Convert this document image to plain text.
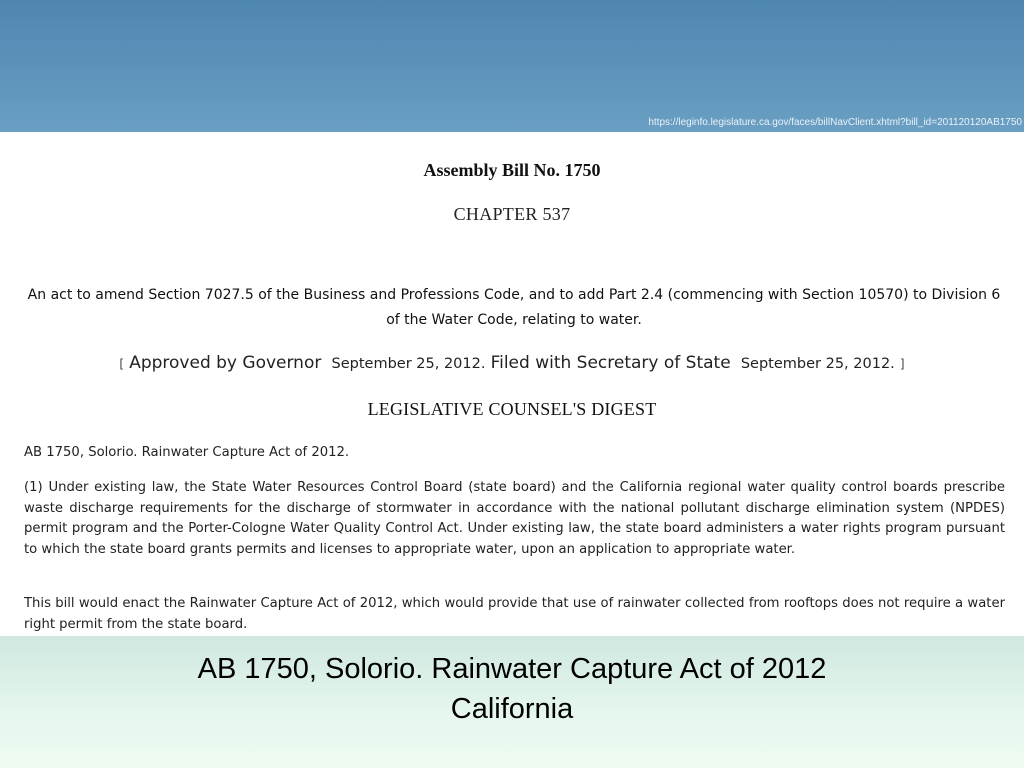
https://leginfo.legislature.ca.gov/faces/billNavClient.xhtml?bill_id=201120120AB1750
Assembly Bill No. 1750
CHAPTER 537
An act to amend Section 7027.5 of the Business and Professions Code, and to add Part 2.4 (commencing with Section 10570) to Division 6 of the Water Code, relating to water.
[ Approved by Governor September 25, 2012. Filed with Secretary of State September 25, 2012. ]
LEGISLATIVE COUNSEL'S DIGEST
AB 1750, Solorio. Rainwater Capture Act of 2012.
(1) Under existing law, the State Water Resources Control Board (state board) and the California regional water quality control boards prescribe waste discharge requirements for the discharge of stormwater in accordance with the national pollutant discharge elimination system (NPDES) permit program and the Porter-Cologne Water Quality Control Act. Under existing law, the state board administers a water rights program pursuant to which the state board grants permits and licenses to appropriate water, upon an application to appropriate water.
This bill would enact the Rainwater Capture Act of 2012, which would provide that use of rainwater collected from rooftops does not require a water right permit from the state board.
AB 1750, Solorio. Rainwater Capture Act of 2012
California
